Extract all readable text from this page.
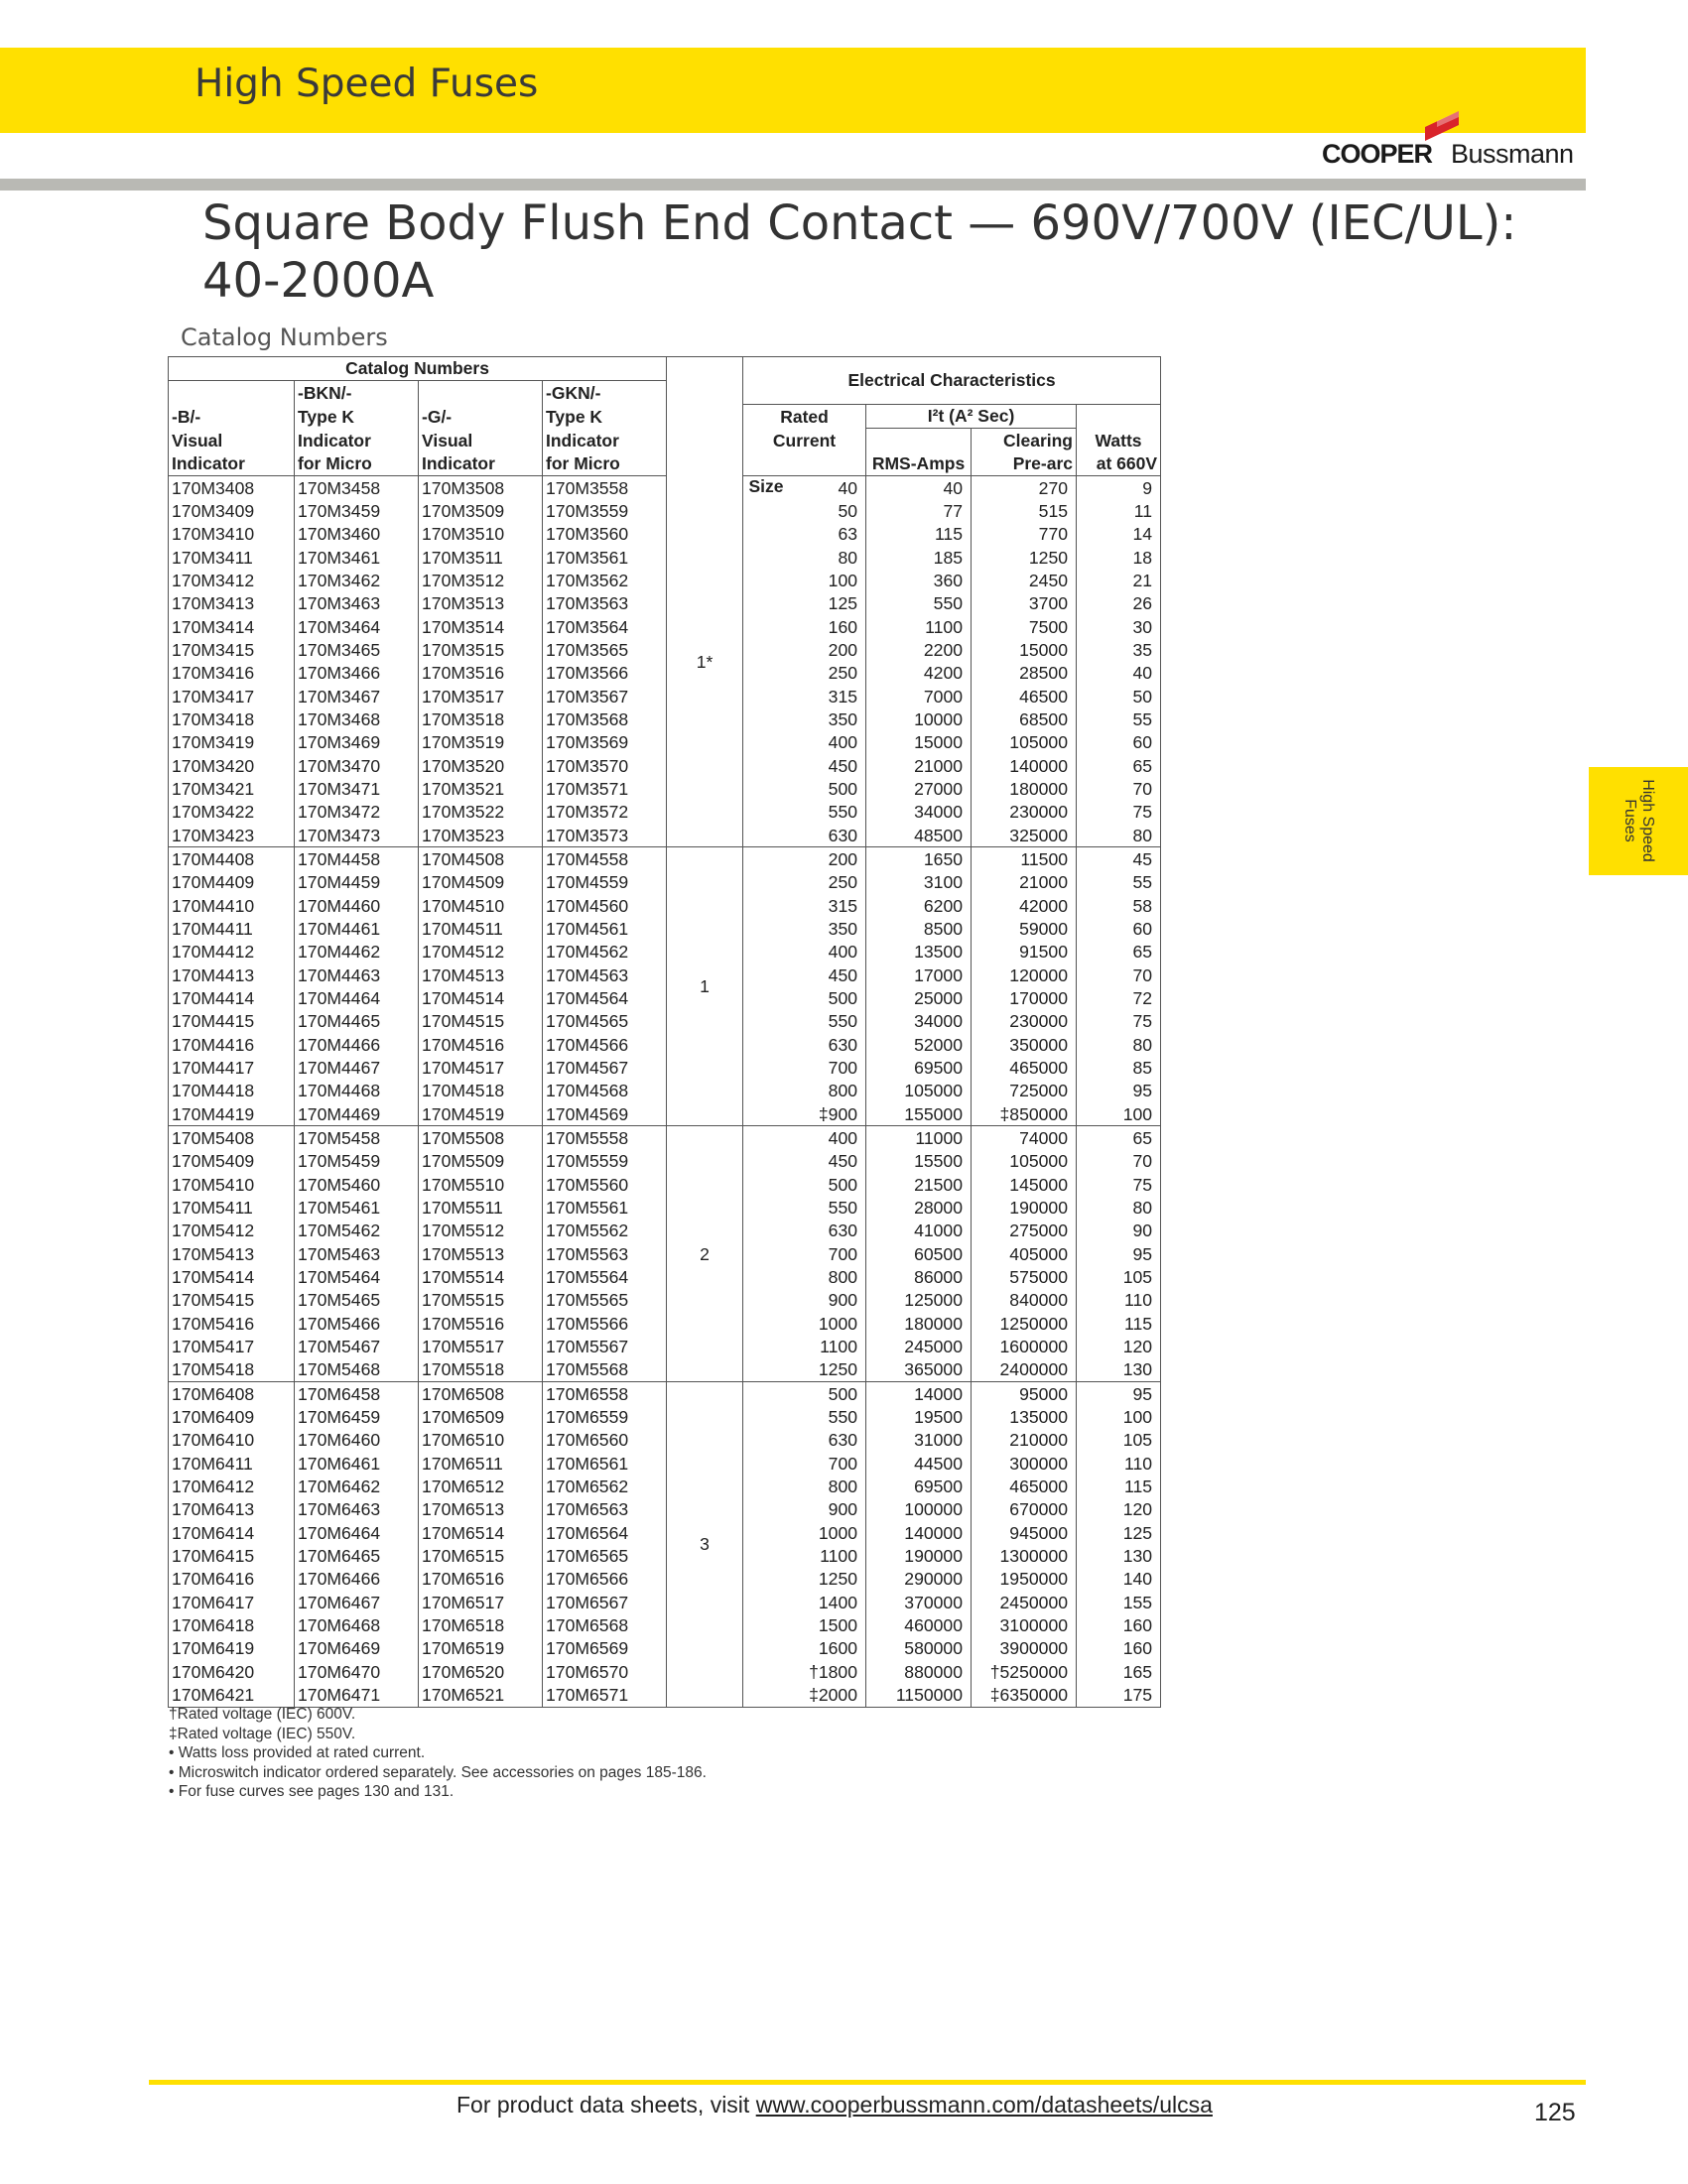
High Speed Fuses
COOPER Bussmann
Square Body Flush End Contact — 690V/700V (IEC/UL): 40-2000A
Catalog Numbers
High Speed
Fuses
Catalog Numbers					Electrical Characteristics				
	-BKN/-		-GKN/-						
-B/-	Type K	-G/-	Type K		Rated	I²t (A² Sec)			
Visual	Indicator	Visual	Indicator		Current		Clearing	Watts	
Indicator	for Micro	Indicator	for Micro		Size	RMS-Amps	Pre-arc	at 660V	
170M3408	170M3458	170M3508	170M3558	1*	40	40	270	9	
170M3409	170M3459	170M3509	170M3559		50	77	515	11	
170M3410	170M3460	170M3510	170M3560		63	115	770	14	
170M3411	170M3461	170M3511	170M3561		80	185	1250	18	
170M3412	170M3462	170M3512	170M3562		100	360	2450	21	
170M3413	170M3463	170M3513	170M3563		125	550	3700	26	
170M3414	170M3464	170M3514	170M3564		160	1100	7500	30	
170M3415	170M3465	170M3515	170M3565		200	2200	15000	35	
170M3416	170M3466	170M3516	170M3566		250	4200	28500	40	
170M3417	170M3467	170M3517	170M3567		315	7000	46500	50	
170M3418	170M3468	170M3518	170M3568		350	10000	68500	55	
170M3419	170M3469	170M3519	170M3569		400	15000	105000	60	
170M3420	170M3470	170M3520	170M3570		450	21000	140000	65	
170M3421	170M3471	170M3521	170M3571		500	27000	180000	70	
170M3422	170M3472	170M3522	170M3572		550	34000	230000	75	
170M3423	170M3473	170M3523	170M3573		630	48500	325000	80	
170M4408	170M4458	170M4508	170M4558	1	200	1650	11500	45	
170M4409	170M4459	170M4509	170M4559		250	3100	21000	55	
170M4410	170M4460	170M4510	170M4560		315	6200	42000	58	
170M4411	170M4461	170M4511	170M4561		350	8500	59000	60	
170M4412	170M4462	170M4512	170M4562		400	13500	91500	65	
170M4413	170M4463	170M4513	170M4563		450	17000	120000	70	
170M4414	170M4464	170M4514	170M4564		500	25000	170000	72	
170M4415	170M4465	170M4515	170M4565		550	34000	230000	75	
170M4416	170M4466	170M4516	170M4566		630	52000	350000	80	
170M4417	170M4467	170M4517	170M4567		700	69500	465000	85	
170M4418	170M4468	170M4518	170M4568		800	105000	725000	95	
170M4419	170M4469	170M4519	170M4569		‡900	155000	‡850000	100	
170M5408	170M5458	170M5508	170M5558	2	400	11000	74000	65	
170M5409	170M5459	170M5509	170M5559		450	15500	105000	70	
170M5410	170M5460	170M5510	170M5560		500	21500	145000	75	
170M5411	170M5461	170M5511	170M5561		550	28000	190000	80	
170M5412	170M5462	170M5512	170M5562		630	41000	275000	90	
170M5413	170M5463	170M5513	170M5563		700	60500	405000	95	
170M5414	170M5464	170M5514	170M5564		800	86000	575000	105	
170M5415	170M5465	170M5515	170M5565		900	125000	840000	110	
170M5416	170M5466	170M5516	170M5566		1000	180000	1250000	115	
170M5417	170M5467	170M5517	170M5567		1100	245000	1600000	120	
170M5418	170M5468	170M5518	170M5568		1250	365000	2400000	130	
170M6408	170M6458	170M6508	170M6558	3	500	14000	95000	95	
170M6409	170M6459	170M6509	170M6559		550	19500	135000	100	
170M6410	170M6460	170M6510	170M6560		630	31000	210000	105	
170M6411	170M6461	170M6511	170M6561		700	44500	300000	110	
170M6412	170M6462	170M6512	170M6562		800	69500	465000	115	
170M6413	170M6463	170M6513	170M6563		900	100000	670000	120	
170M6414	170M6464	170M6514	170M6564		1000	140000	945000	125	
170M6415	170M6465	170M6515	170M6565		1100	190000	1300000	130	
170M6416	170M6466	170M6516	170M6566		1250	290000	1950000	140	
170M6417	170M6467	170M6517	170M6567		1400	370000	2450000	155	
170M6418	170M6468	170M6518	170M6568		1500	460000	3100000	160	
170M6419	170M6469	170M6519	170M6569		1600	580000	3900000	160	
170M6420	170M6470	170M6520	170M6570		†1800	880000	†5250000	165	
170M6421	170M6471	170M6521	170M6571		‡2000	1150000	‡6350000	175	
†Rated voltage (IEC) 600V.
‡Rated voltage (IEC) 550V.
• Watts loss provided at rated current.
• Microswitch indicator ordered separately. See accessories on pages 185-186.
• For fuse curves see pages 130 and 131.
For product data sheets, visit www.cooperbussmann.com/datasheets/ulcsa	125
